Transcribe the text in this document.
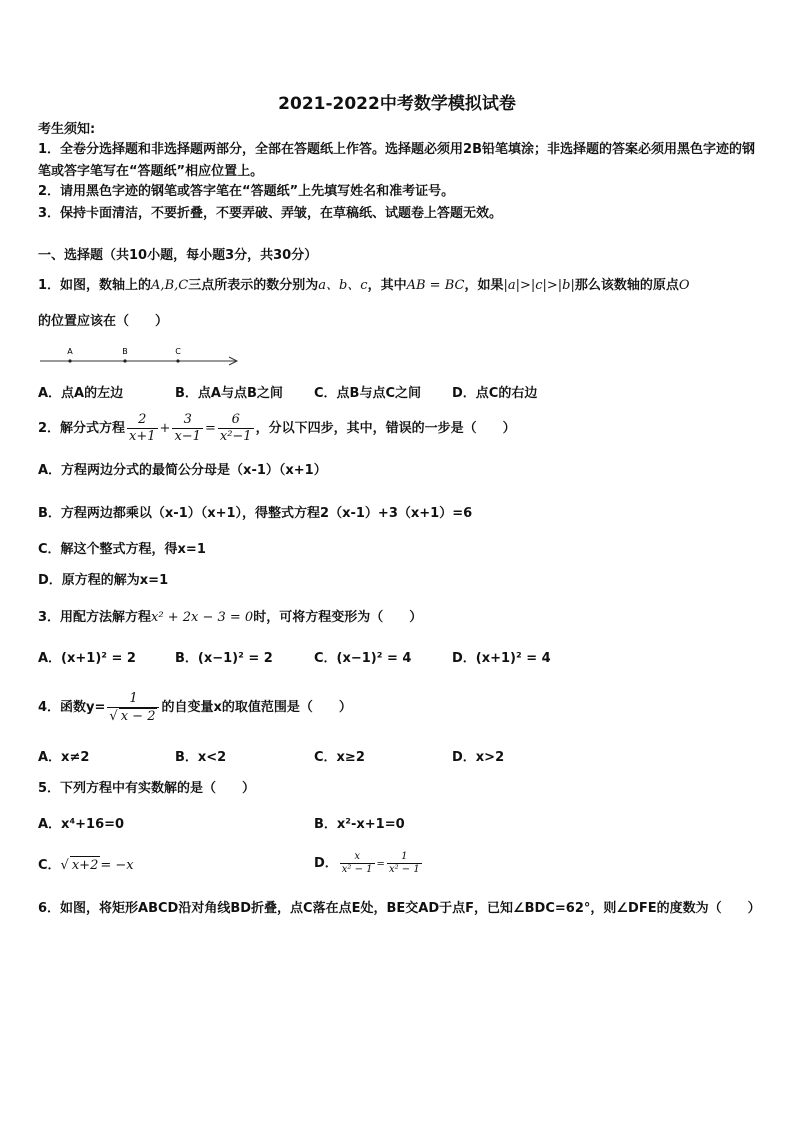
2021-2022中考数学模拟试卷
考生须知:
1．全卷分选择题和非选择题两部分，全部在答题纸上作答。选择题必须用2B铅笔填涂；非选择题的答案必须用黑色字迹的钢笔或答字笔写在“答题纸”相应位置上。
2．请用黑色字迹的钢笔或答字笔在“答题纸”上先填写姓名和准考证号。
3．保持卡面清洁，不要折叠，不要弄破、弄皱，在草稿纸、试题卷上答题无效。
一、选择题（共10小题，每小题3分，共30分）
1．如图，数轴上的A,B,C三点所表示的数分别为a、b、c，其中AB = BC，如果|a|>|c|>|b|那么该数轴的原点O
的位置应该在（　　）
A	B	C
A．点A的左边	B．点A与点B之间 C．点B与点C之间 D．点C的右边
2．解分式方程 $\frac{2}{x+1} + \frac{3}{x-1} = \frac{6}{\text{x²−1}}$ ，分以下四步，其中，错误的一步是（　　）
A．方程两边分式的最简公分母是（x-1）（x+1）
B．方程两边都乘以（x-1）（x+1），得整式方程2（x-1）+3（x+1）=6
C．解这个整式方程，得x=1
D．原方程的解为x=1
3．用配方法解方程x² + 2x − 3 = 0时，可将方程变形为（　　）
A．(x+1)² = 2	B．(x−1)² = 2	C．(x−1)² = 4	D．(x+1)² = 4
4．函数$y= \frac{1}{√ x - 2}$ 的自变量x的取值范围是（　　）
A．x≠2	B．x<2	C．x≥2	D．x>2
5．下列方程中有实数解的是（　　）
A．x⁴+16=0	B．x²-x+1=0
C．√ x+2 = −x	D． $\frac{x}{\text{x² − 1}} = \frac{1}{\text{x² − 1}}$
6．如图，将矩形ABCD沿对角线BD折叠，点C落在点E处，BE交AD于点F，已知∠BDC=62°，则∠DFE的度数为（　　）
